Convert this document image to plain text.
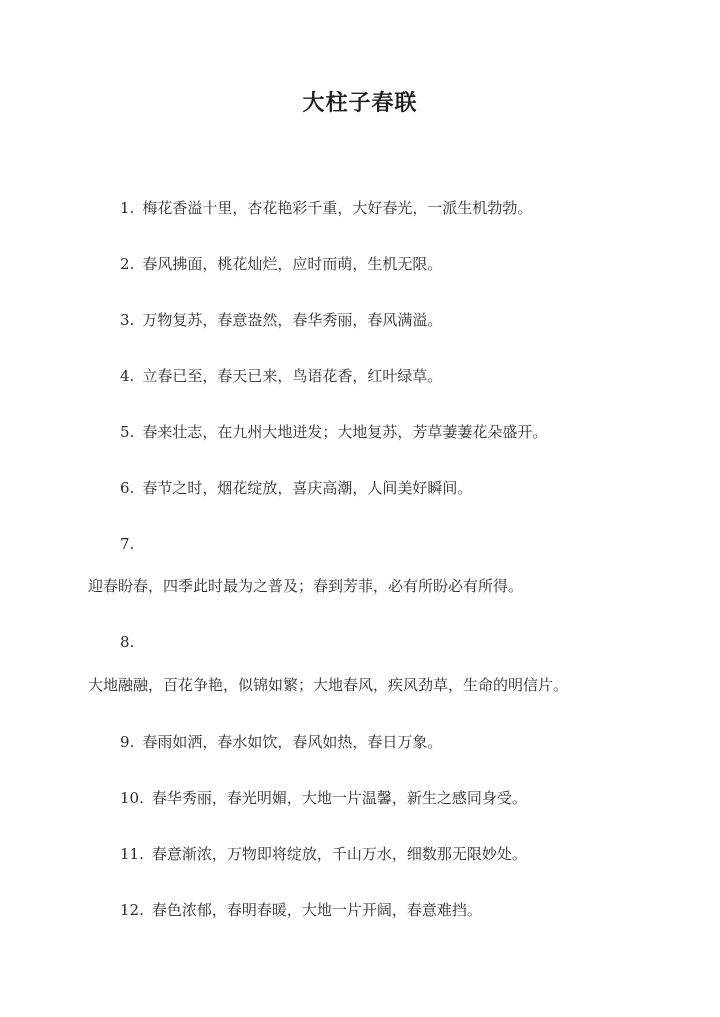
大柱子春联
1. 梅花香溢十里，杏花艳彩千重，大好春光，一派生机勃勃。
2. 春风拂面，桃花灿烂，应时而萌，生机无限。
3. 万物复苏，春意盎然，春华秀丽，春风满溢。
4. 立春已至，春天已来，鸟语花香，红叶绿草。
5. 春来壮志，在九州大地迸发；大地复苏，芳草萋萋花朵盛开。
6. 春节之时，烟花绽放，喜庆高潮，人间美好瞬间。
7.
迎春盼春，四季此时最为之普及；春到芳菲，必有所盼必有所得。
8.
大地融融，百花争艳，似锦如繁；大地春风，疾风劲草，生命的明信片。
9. 春雨如洒，春水如饮，春风如热，春日万象。
10. 春华秀丽，春光明媚，大地一片温馨，新生之感同身受。
11. 春意渐浓，万物即将绽放，千山万水，细数那无限妙处。
12. 春色浓郁，春明春暖，大地一片开阔，春意难挡。
